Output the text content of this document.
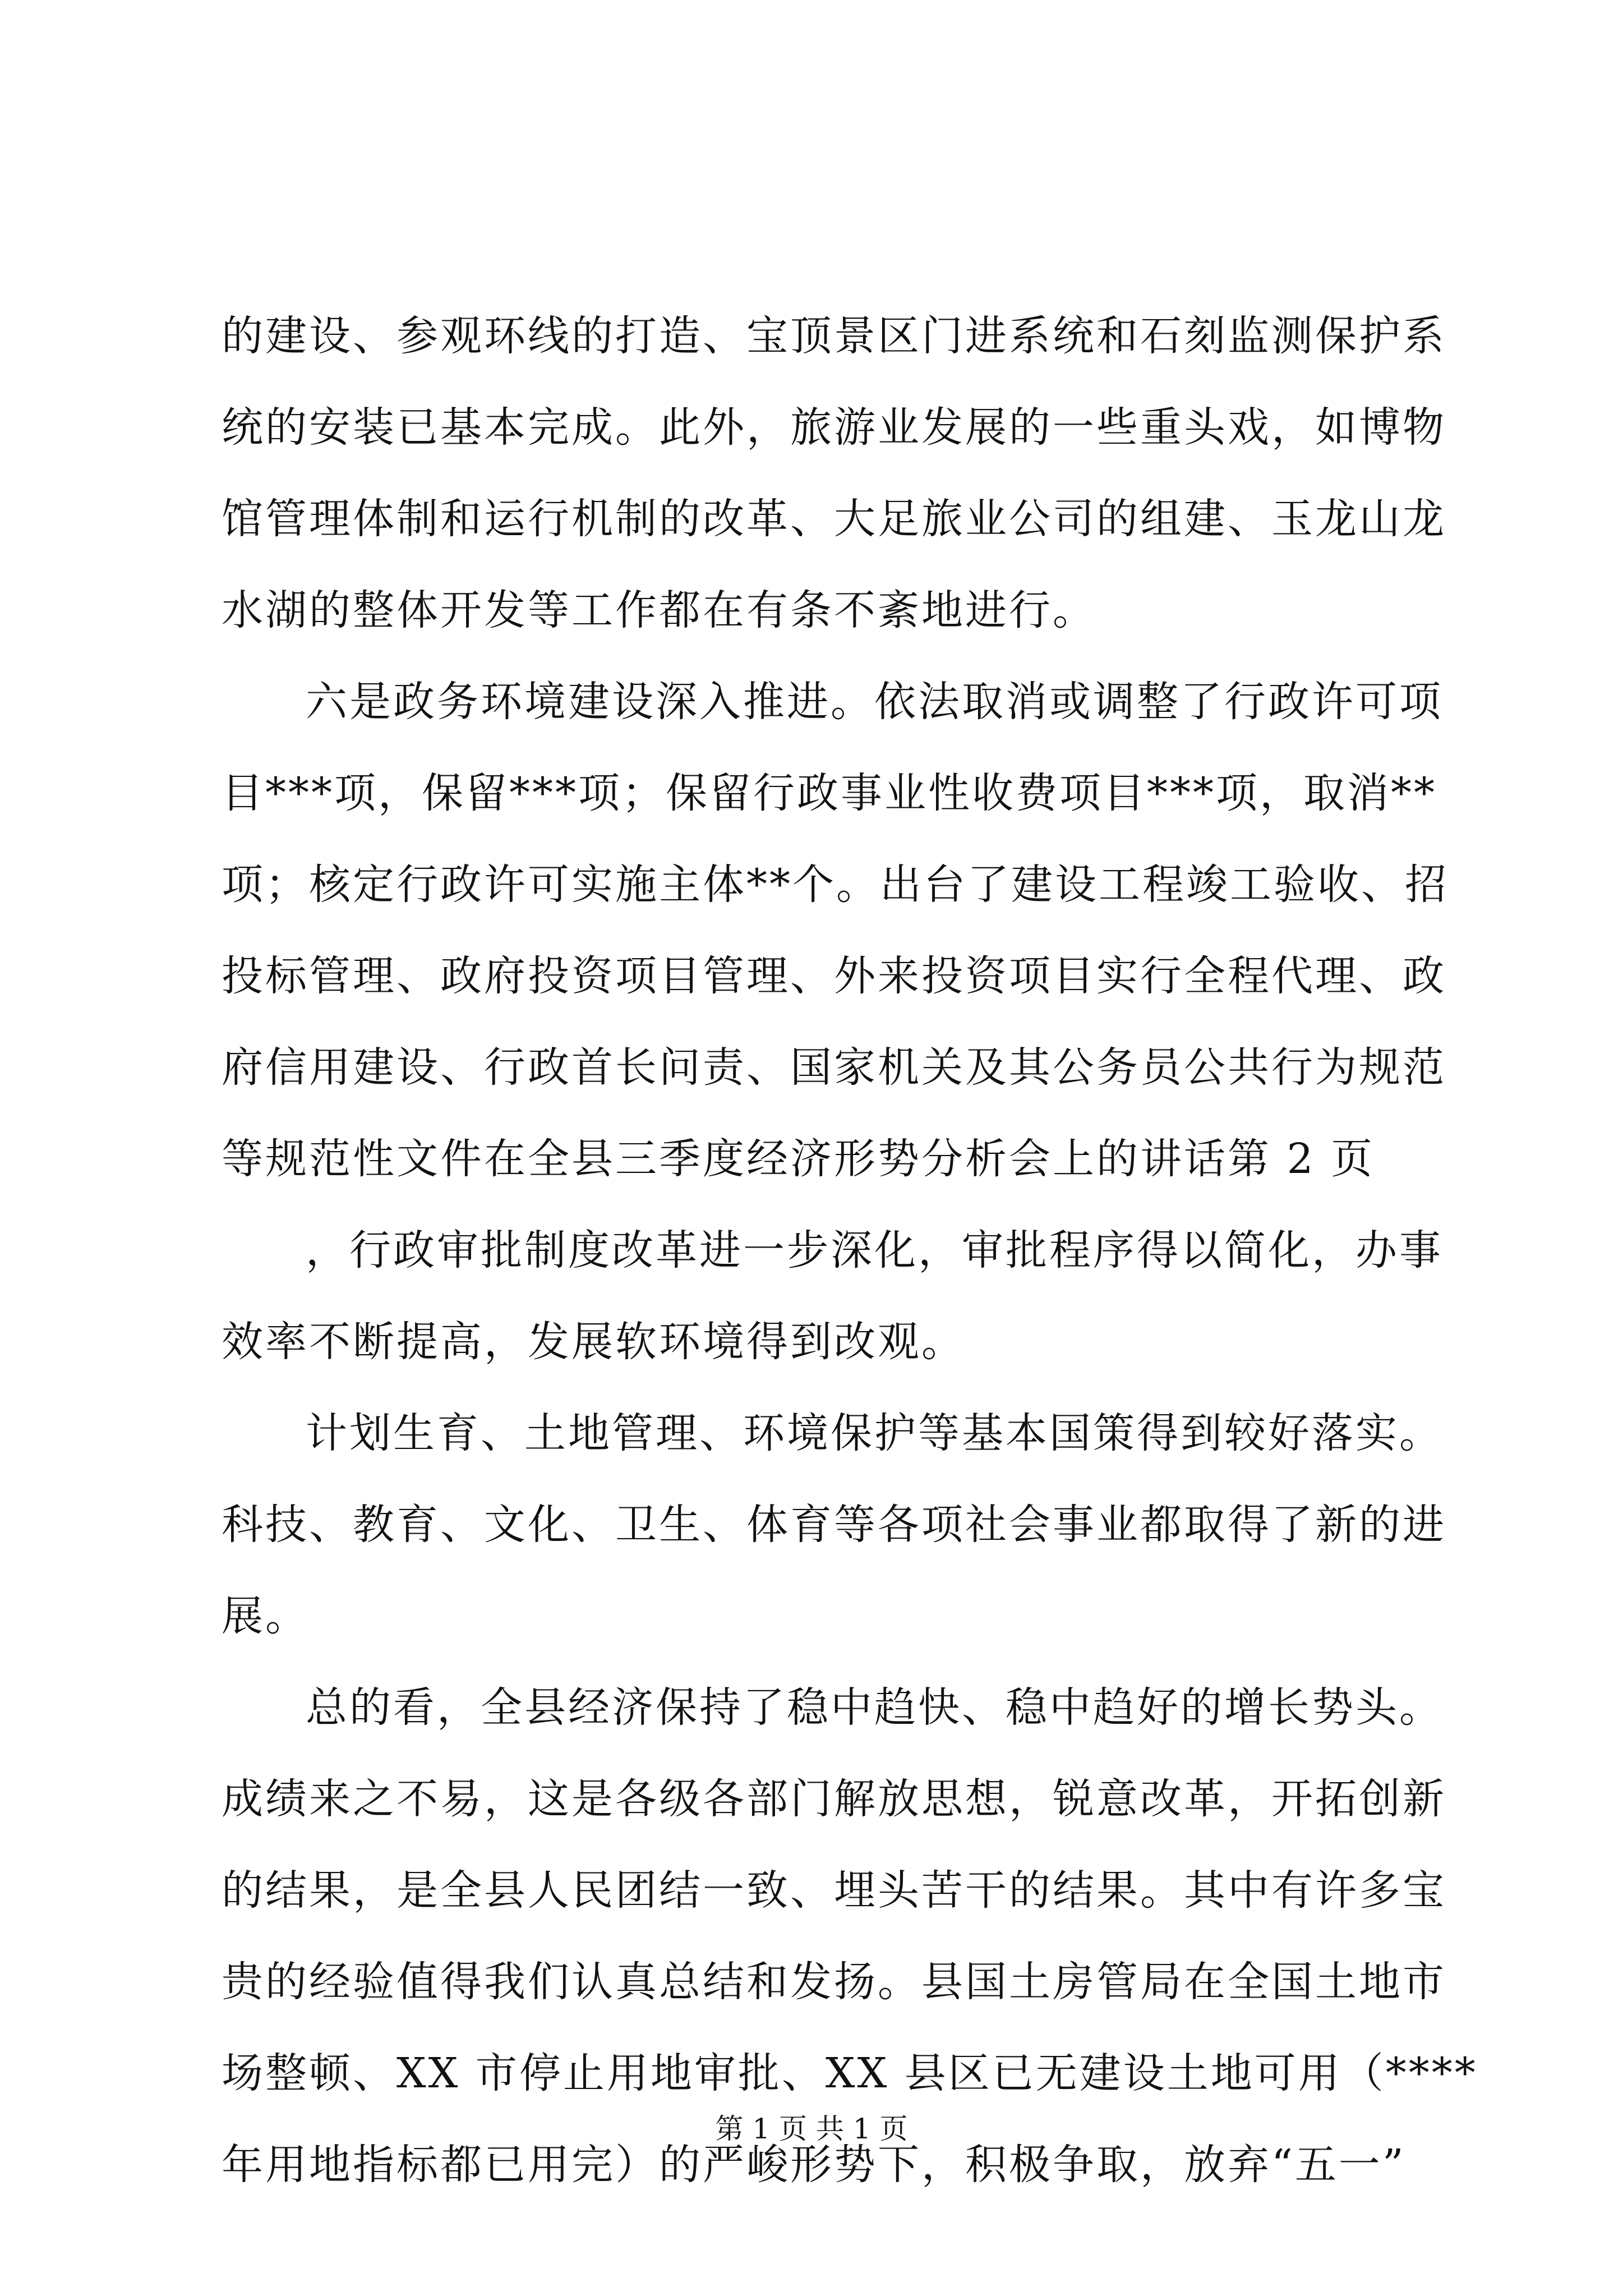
的建设、参观环线的打造、宝顶景区门进系统和石刻监测保护系
统的安装已基本完成。此外，旅游业发展的一些重头戏，如博物
馆管理体制和运行机制的改革、大足旅业公司的组建、玉龙山龙
水湖的整体开发等工作都在有条不紊地进行。
六是政务环境建设深入推进。依法取消或调整了行政许可项
目***项，保留***项；保留行政事业性收费项目***项，取消**
项；核定行政许可实施主体**个。出台了建设工程竣工验收、招
投标管理、政府投资项目管理、外来投资项目实行全程代理、政
府信用建设、行政首长问责、国家机关及其公务员公共行为规范
等规范性文件在全县三季度经济形势分析会上的讲话第 2 页
，行政审批制度改革进一步深化，审批程序得以简化，办事
效率不断提高，发展软环境得到改观。
计划生育、土地管理、环境保护等基本国策得到较好落实。
科技、教育、文化、卫生、体育等各项社会事业都取得了新的进
展。
总的看，全县经济保持了稳中趋快、稳中趋好的增长势头。
成绩来之不易，这是各级各部门解放思想，锐意改革，开拓创新
的结果，是全县人民团结一致、埋头苦干的结果。其中有许多宝
贵的经验值得我们认真总结和发扬。县国土房管局在全国土地市
场整顿、XX 市停止用地审批、XX 县区已无建设土地可用（****
年用地指标都已用完）的严峻形势下，积极争取，放弃“五一”
第 1 页 共 1 页
